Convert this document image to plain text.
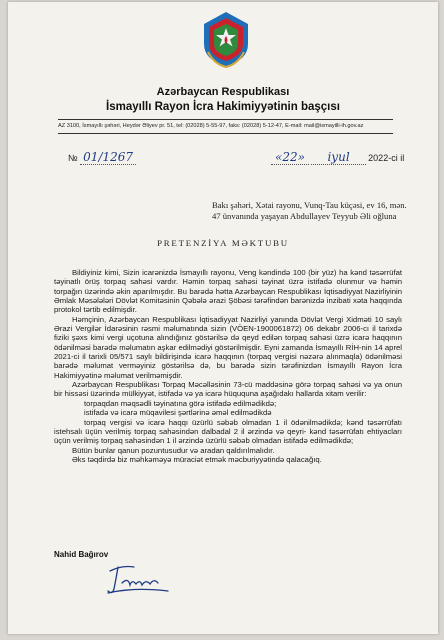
Azərbaycan Respublikası
İsmayıllı Rayon İcra Hakimiyyətinin başçısı
AZ 3100, İsmayıllı şəhəri, Heydər Əliyev pr. 51, tel: (02028) 5-55-97, faks: (02028) 5-12-47, E-mail: mail@ismayilli-ih.gov.az
№ 01/1267	«22» iyul 2022-ci il
Bakı şəhəri, Xətai rayonu, Vunq-Tau küçəsi, ev 16, mən. 47 ünvanında yaşayan Abdullayev Teyyub Əli oğluna
PRETENZİYA MƏKTUBU

Bildiyiniz kimi, Sizin icarənizdə İsmayıllı rayonu, Veng kəndində 100 (bir yüz) ha kənd təsərrüfat təyinatlı örüş torpaq sahəsi vardır. Həmin torpaq sahəsi təyinat üzrə istifadə olunmur və həmin torpağın üzərində əkin aparılmışdır. Bu barədə hətta Azərbaycan Respublikası İqtisadiyyat Nazirliyinin Əmlak Məsələləri Dövlət Komitəsinin Qəbələ ərazi Şöbəsi tərəfindən barənizdə inzibati xəta haqqında protokol tərtib edilmişdir.

Həmçinin, Azərbaycan Respublikası İqtisadiyyat Nazirliyi yanında Dövlət Vergi Xidməti 10 saylı Ərazi Vergilər İdarəsinin rəsmi məlumatında sizin (VÖEN-1900061872) 06 dekabr 2006-cı il tarixdə fiziki şəxs kimi vergi uçotuna alındığınız göstərilsə də qeyd edilən torpaq sahəsi üzrə icarə haqqının ödənilməsi barədə məlumatın aşkar edilmədiyi göstərilmişdir. Eyni zamanda İsmayıllı RİH-nin 14 aprel 2021-ci il tarixli 05/571 saylı bildirişində icarə haqqının (torpaq vergisi nəzərə alınmaqla) ödənilməsi barədə məlumat verməyiniz göstərilsə də, bu barədə sizin tərəfinizdən İsmayıllı Rayon İcra Hakimiyyətinə məlumat verilməmişdir.

Azərbaycan Respublikası Torpaq Məcəlləsinin 73-cü maddəsinə görə torpaq sahəsi və ya onun bir hissəsi üzərində mülkiyyət, istifadə və ya icarə hüququna aşağıdakı hallarda xitam verilir:

torpaqdan məqsədli təyinatına görə istifadə edilmədikdə;

istifadə və icarə müqavilesi şərtlərinə əməl edilmədikdə

torpaq vergisi və icarə haqqı üzürlü səbəb olmadan 1 il ödənilmədikdə; kənd təsərrüfatı istehsalı üçün verilmiş torpaq sahəsindən dalbadal 2 il ərzində və qeyri- kənd təsərrüfatı ehtiyacları üçün verilmiş torpaq sahəsindən 1 il ərzində üzürlü səbəb olmadan istifadə edilmədikdə;

Bütün bunlar qanun pozuntusudur və aradan qaldırılmalıdır.

Əks təqdirdə biz məhkəməyə müraciət etmək məcburiyyətində qalacağıq.

Nahid Bağırov
